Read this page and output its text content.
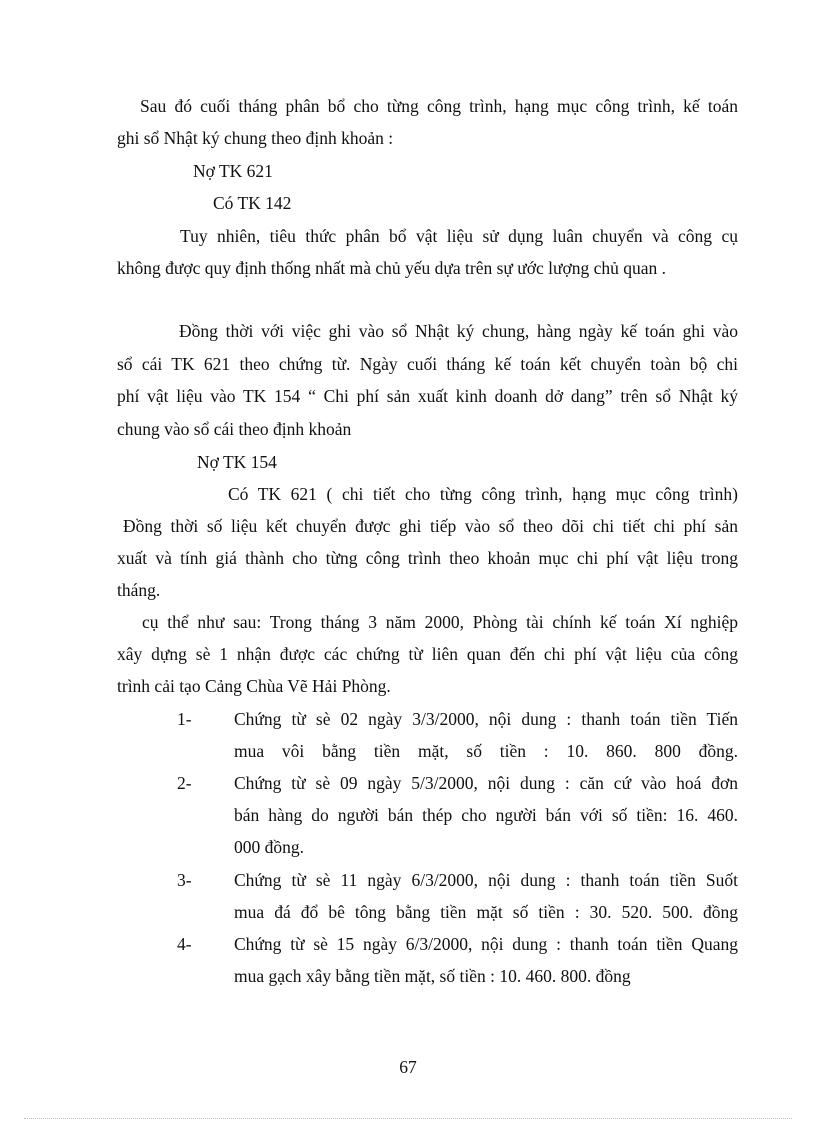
Sau đó cuối tháng phân bổ cho từng công trình, hạng mục công trình, kế toán
ghi sổ Nhật ký chung theo định khoản :
Nợ TK 621
Có TK 142
Tuy nhiên, tiêu thức phân bổ vật liệu sử dụng luân chuyển và công cụ
không được quy định thống nhất mà chủ yếu dựa trên sự ước lượng chủ quan .
Đồng thời với việc ghi vào sổ Nhật ký chung, hàng ngày kế toán ghi vào
sổ cái TK 621 theo chứng từ. Ngày cuối tháng kế toán kết chuyển toàn bộ chi
phí vật liệu vào TK 154 “ Chi phí sản xuất kinh doanh dở dang” trên sổ Nhật ký
chung vào sổ cái theo định khoản
Nợ TK 154
Có TK 621 ( chi tiết cho từng công trình, hạng mục công trình)
Đồng thời số liệu kết chuyển được ghi tiếp vào sổ theo dõi chi tiết chi phí sản
xuất và tính giá thành cho từng công trình theo khoản mục chi phí vật liệu trong
tháng.
cụ thể như sau: Trong tháng 3 năm 2000, Phòng tài chính kế toán Xí nghiệp
xây dựng sè 1 nhận được các chứng từ liên quan đến chi phí vật liệu của công
trình cải tạo Cảng Chùa Vẽ Hải Phòng.
1- Chứng từ sè 02 ngày 3/3/2000, nội dung : thanh toán tiền Tiến
mua vôi bằng tiền mặt, số tiền : 10. 860. 800 đồng.
2- Chứng từ sè 09 ngày 5/3/2000, nội dung : căn cứ vào hoá đơn
bán hàng do người bán thép cho người bán với số tiền: 16. 460.
000 đồng.
3- Chứng từ sè 11 ngày 6/3/2000, nội dung : thanh toán tiền Suốt
mua đá đổ bê tông bằng tiền mặt số tiền : 30. 520. 500. đồng
4- Chứng từ sè 15 ngày 6/3/2000, nội dung : thanh toán tiền Quang
mua gạch xây bằng tiền mặt, số tiền : 10. 460. 800. đồng
67
